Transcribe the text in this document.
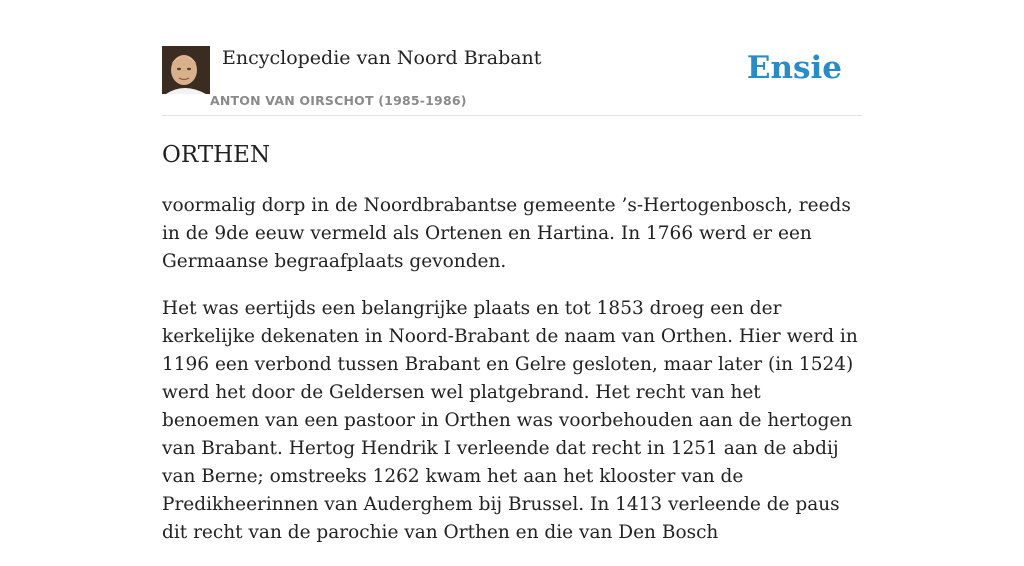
Encyclopedie van Noord Brabant
ANTON VAN OIRSCHOT (1985-1986)
Ensie
ORTHEN

voormalig dorp in de Noordbrabantse gemeente ’s-Hertogenbosch, reeds in de 9de eeuw vermeld als Ortenen en Hartina. In 1766 werd er een Germaanse begraafplaats gevonden.

Het was eertijds een belangrijke plaats en tot 1853 droeg een der kerkelijke dekenaten in Noord-Brabant de naam van Orthen. Hier werd in 1196 een verbond tussen Brabant en Gelre gesloten, maar later (in 1524) werd het door de Geldersen wel platgebrand. Het recht van het benoemen van een pastoor in Orthen was voorbehouden aan de hertogen van Brabant. Hertog Hendrik I verleende dat recht in 1251 aan de abdij van Berne; omstreeks 1262 kwam het aan het klooster van de Predikheerinnen van Auderghem bij Brussel. In 1413 verleende de paus dit recht van de parochie van Orthen en die van Den Bosch
